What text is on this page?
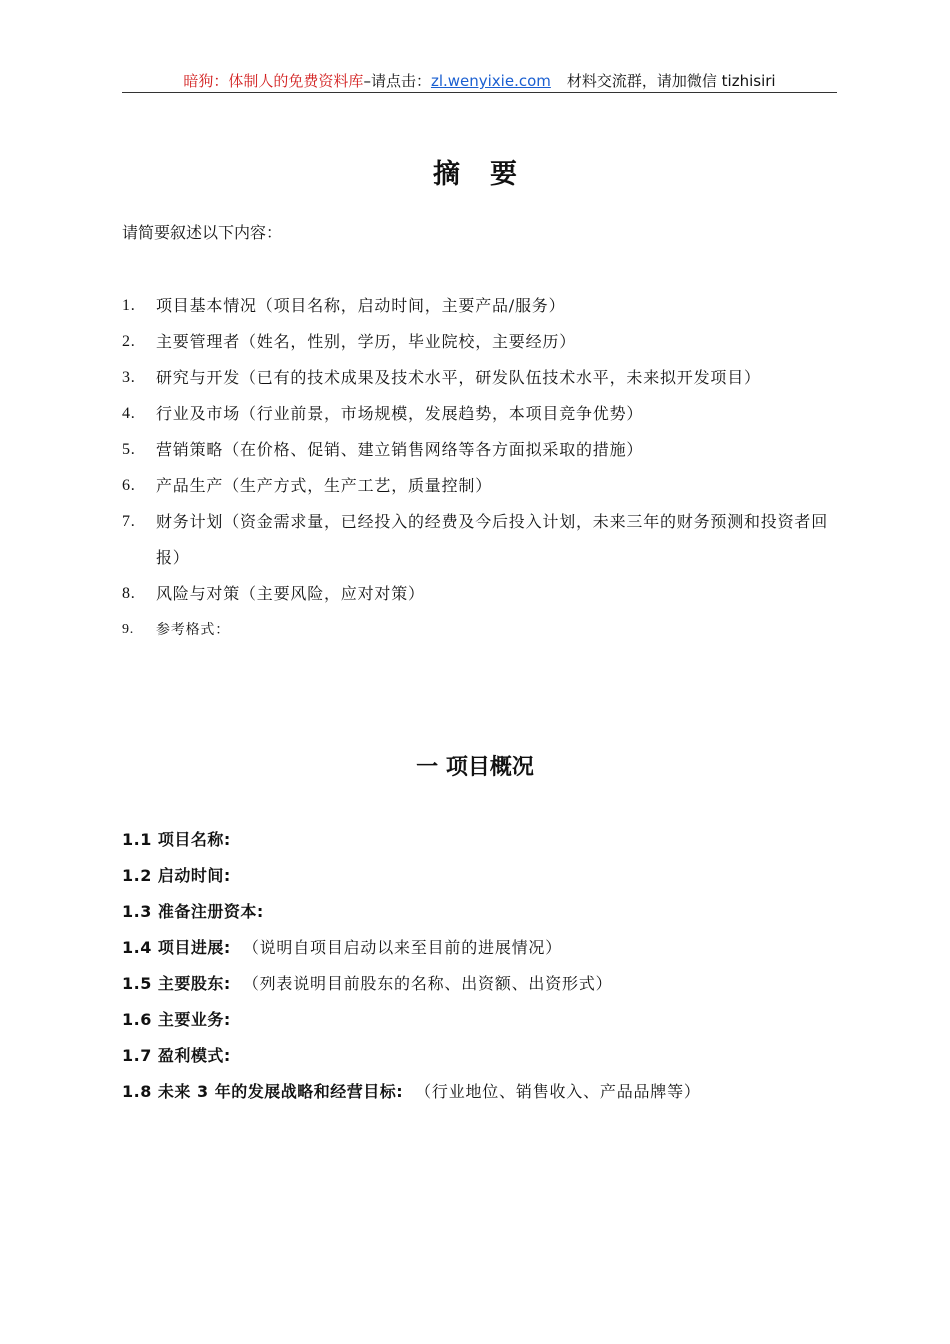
暗狗：体制人的免费资料库–请点击：zl.wenyixie.com 材料交流群，请加微信 tizhisiri
摘要
请简要叙述以下内容：
1. 项目基本情况（项目名称，启动时间，主要产品/服务）
2. 主要管理者（姓名，性别，学历，毕业院校，主要经历）
3. 研究与开发（已有的技术成果及技术水平，研发队伍技术水平，未来拟开发项目）
4. 行业及市场（行业前景，市场规模，发展趋势，本项目竞争优势）
5. 营销策略（在价格、促销、建立销售网络等各方面拟采取的措施）
6. 产品生产（生产方式，生产工艺，质量控制）
7. 财务计划（资金需求量，已经投入的经费及今后投入计划，未来三年的财务预测和投资者回报）
8. 风险与对策（主要风险，应对对策）
9. 参考格式：
一 项目概况
1.1 项目名称:
1.2 启动时间:
1.3 准备注册资本:
1.4 项目进展: （说明自项目启动以来至目前的进展情况）
1.5 主要股东: （列表说明目前股东的名称、出资额、出资形式）
1.6 主要业务:
1.7 盈利模式:
1.8 未来 3 年的发展战略和经营目标: （行业地位、销售收入、产品品牌等）
